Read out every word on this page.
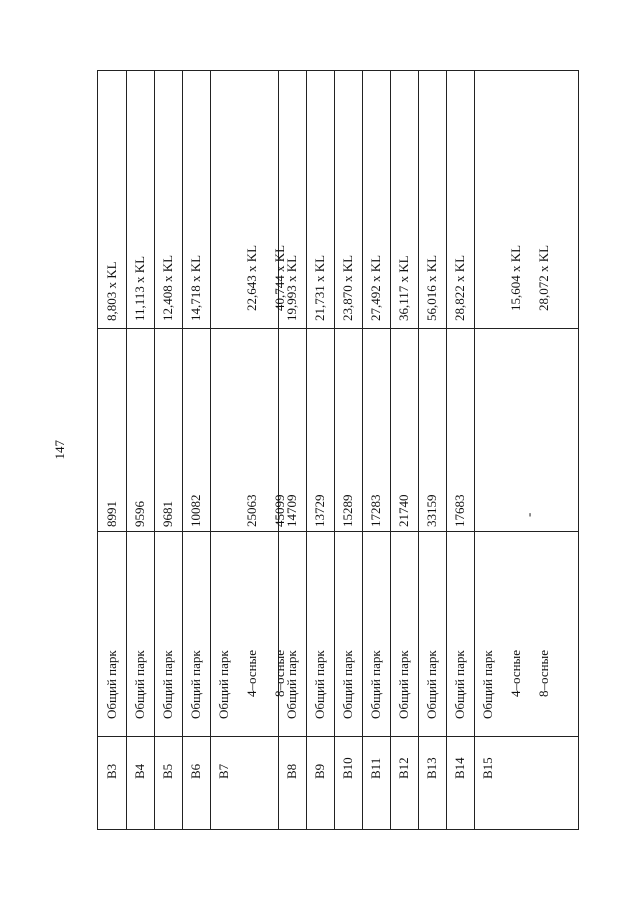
147
B3
Общий парк
8991
8,803 x KL
B4
Общий парк
9596
11,113 x KL
B5
Общий парк
9681
12,408 x KL
B6
Общий парк
10082
14,718 x KL
B7
Общий парк 4–осные 8–осные
25063 45099
22,643 x KL 40,744 x KL
B8
Общий парк
14709
19,993 x KL
B9
Общий парк
13729
21,731 x KL
B10
Общий парк
15289
23,870 x KL
B11
Общий парк
17283
27,492 x KL
B12
Общий парк
21740
36,117 x KL
B13
Общий парк
33159
56,016 x KL
B14
Общий парк
17683
28,822 x KL
B15
Общий парк 4–осные 8–осные
-
15,604 x KL 28,072 x KL
